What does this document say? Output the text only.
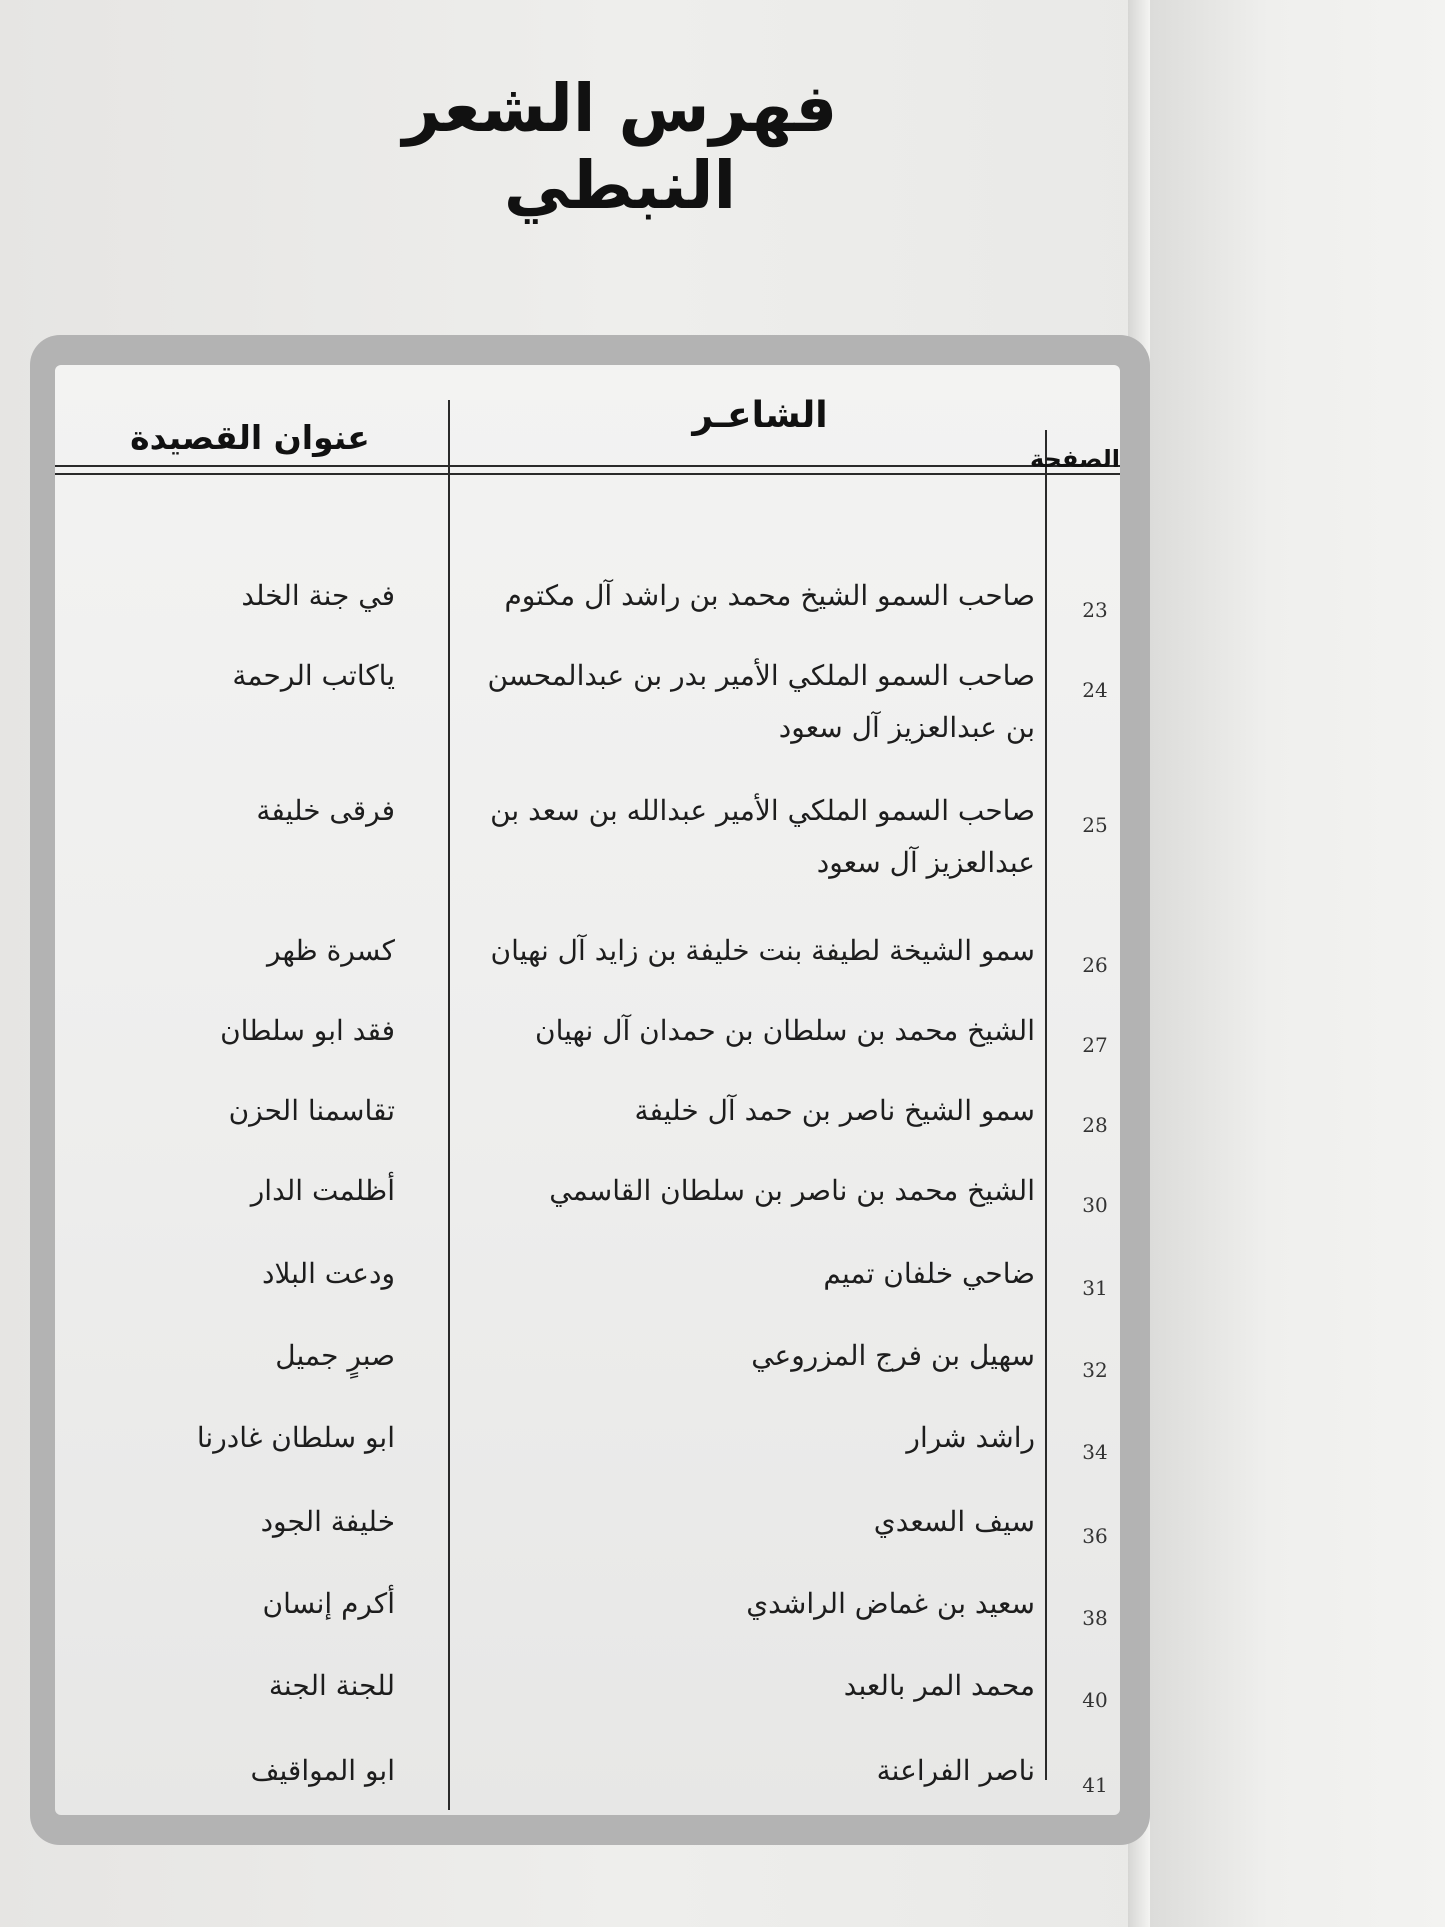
فهرس الشعر النبطي
الشاعـر
عنوان القصيدة
الصفحة
23
صاحب السمو الشيخ محمد بن راشد آل مكتوم
في جنة الخلد
24
صاحب السمو الملكي الأمير بدر بن عبدالمحسن بن عبدالعزيز آل سعود
ياكاتب الرحمة
25
صاحب السمو الملكي الأمير عبدالله بن سعد بن عبدالعزيز آل سعود
فرقى خليفة
26
سمو الشيخة لطيفة بنت خليفة بن زايد آل نهيان
كسرة ظهر
27
الشيخ محمد بن سلطان بن حمدان آل نهيان
فقد ابو سلطان
28
سمو الشيخ ناصر بن حمد آل خليفة
تقاسمنا الحزن
30
الشيخ محمد بن ناصر بن سلطان القاسمي
أظلمت الدار
31
ضاحي خلفان تميم
ودعت البلاد
32
سهيل بن فرج المزروعي
صبرٍ جميل
34
راشد شرار
ابو سلطان غادرنا
36
سيف السعدي
خليفة الجود
38
سعيد بن غماض الراشدي
أكرم إنسان
40
محمد المر بالعبد
للجنة الجنة
41
ناصر الفراعنة
ابو المواقيف
